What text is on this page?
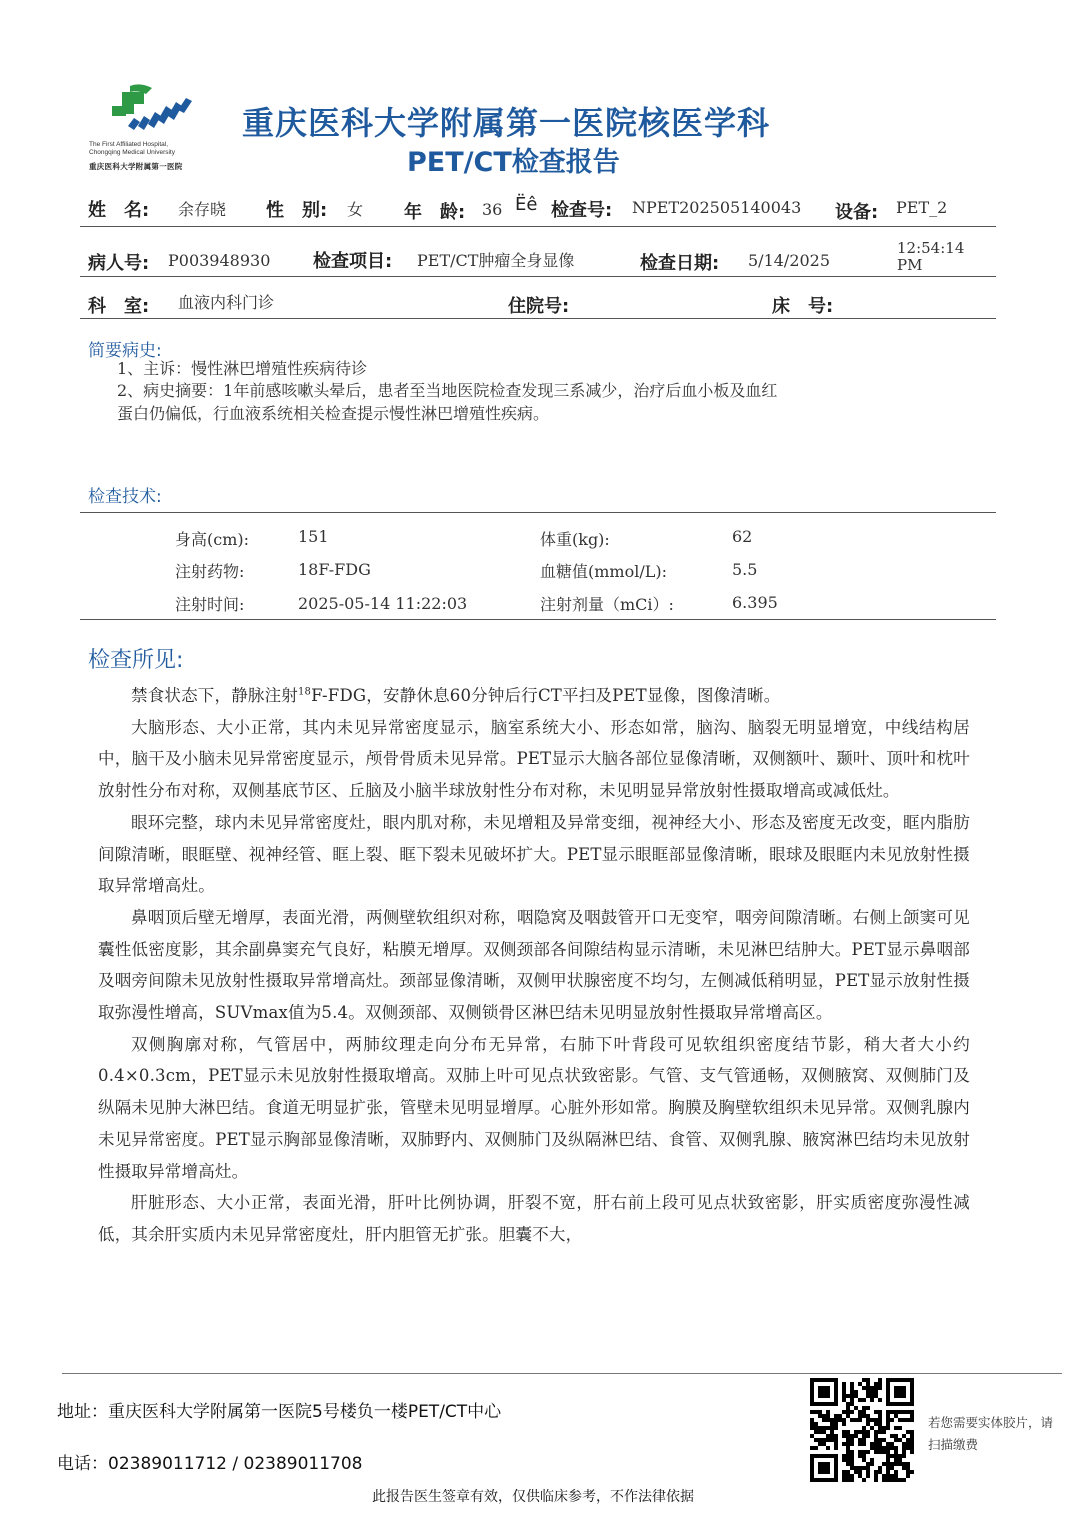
The First Affiliated Hospital,
Chongqing Medical University
重庆医科大学附属第一医院
重庆医科大学附属第一医院核医学科
PET/CT检查报告
姓　名: 余存晓 性　别: 女 年　龄: 36 Ëê 检查号: NPET202505140043 设备: PET_2
病人号: P003948930 检查项目: PET/CT肿瘤全身显像	检查日期: 5/14/2025
12:54:14
PM
科　室: 血液内科门诊	住院号:	床　号:
简要病史:
1、主诉：慢性淋巴增殖性疾病待诊
2、病史摘要：1年前感咳嗽头晕后，患者至当地医院检查发现三系减少，治疗后血小板及血红
蛋白仍偏低，行血液系统相关检查提示慢性淋巴增殖性疾病。
检查技术:
身高(cm):	151	体重(kg):	62
注射药物:	18F-FDG	血糖值(mmol/L):	5.5
注射时间:	2025-05-14 11:22:03	注射剂量（mCi）:	6.395
检查所见:

禁食状态下，静脉注射$^{18}$F-FDG，安静休息60分钟后行CT平扫及PET显像，图像清晰。

大脑形态、大小正常，其内未见异常密度显示，脑室系统大小、形态如常，脑沟、脑裂无明显增宽，中线结构居中，脑干及小脑未见异常密度显示，颅骨骨质未见异常。PET显示大脑各部位显像清晰，双侧额叶、颞叶、顶叶和枕叶放射性分布对称，双侧基底节区、丘脑及小脑半球放射性分布对称，未见明显异常放射性摄取增高或减低灶。

眼环完整，球内未见异常密度灶，眼内肌对称，未见增粗及异常变细，视神经大小、形态及密度无改变，眶内脂肪间隙清晰，眼眶壁、视神经管、眶上裂、眶下裂未见破坏扩大。PET显示眼眶部显像清晰，眼球及眼眶内未见放射性摄取异常增高灶。

鼻咽顶后壁无增厚，表面光滑，两侧壁软组织对称，咽隐窝及咽鼓管开口无变窄，咽旁间隙清晰。右侧上颌窦可见囊性低密度影，其余副鼻窦充气良好，粘膜无增厚。双侧颈部各间隙结构显示清晰，未见淋巴结肿大。PET显示鼻咽部及咽旁间隙未见放射性摄取异常增高灶。颈部显像清晰，双侧甲状腺密度不均匀，左侧减低稍明显，PET显示放射性摄取弥漫性增高，SUVmax值为5.4。双侧颈部、双侧锁骨区淋巴结未见明显放射性摄取异常增高区。

双侧胸廓对称，气管居中，两肺纹理走向分布无异常，右肺下叶背段可见软组织密度结节影，稍大者大小约0.4×0.3cm，PET显示未见放射性摄取增高。双肺上叶可见点状致密影。气管、支气管通畅，双侧腋窝、双侧肺门及纵隔未见肿大淋巴结。食道无明显扩张，管壁未见明显增厚。心脏外形如常。胸膜及胸壁软组织未见异常。双侧乳腺内未见异常密度。PET显示胸部显像清晰，双肺野内、双侧肺门及纵隔淋巴结、食管、双侧乳腺、腋窝淋巴结均未见放射性摄取异常增高灶。

肝脏形态、大小正常，表面光滑，肝叶比例协调，肝裂不宽，肝右前上段可见点状致密影，肝实质密度弥漫性减低，其余肝实质内未见异常密度灶，肝内胆管无扩张。胆囊不大，

地址：重庆医科大学附属第一医院5号楼负一楼PET/CT中心
电话：02389011712 / 02389011708
若您需要实体胶片，请扫描缴费
此报告医生签章有效，仅供临床参考，不作法律依据
